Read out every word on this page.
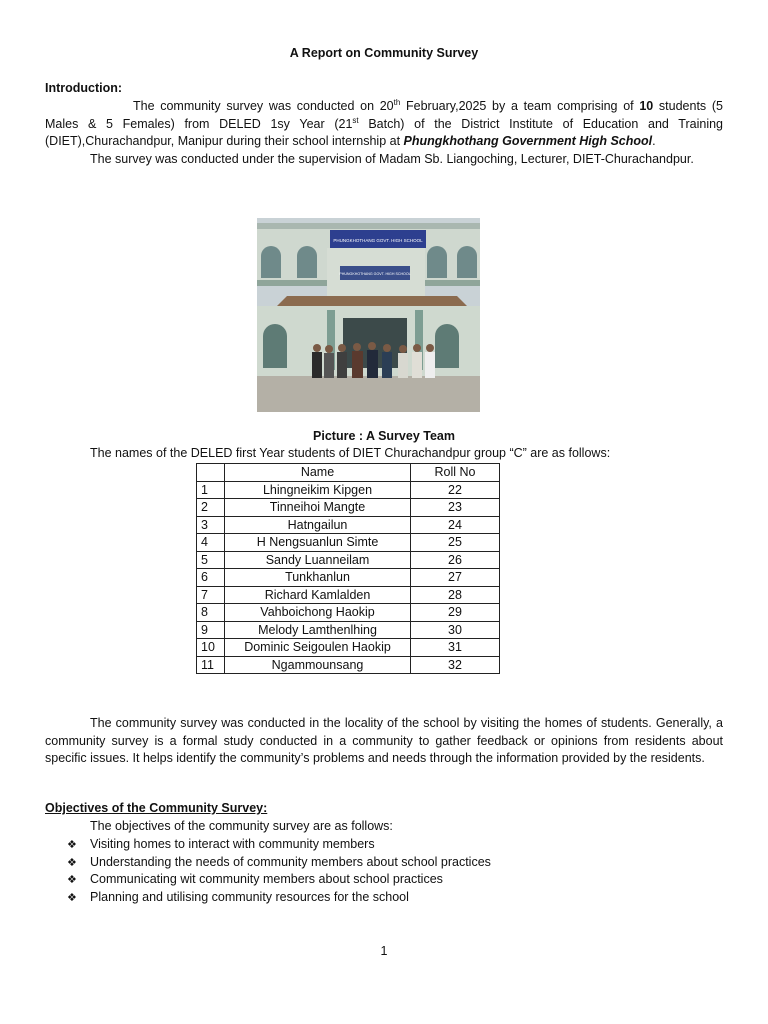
A Report on Community Survey
Introduction:
The community survey was conducted on 20th February,2025 by a team comprising of 10 students (5 Males & 5 Females) from DELED 1sy Year (21st Batch) of the District Institute of Education and Training (DIET),Churachandpur, Manipur during their school internship at Phungkhothang Government High School.
The survey was conducted under the supervision of Madam Sb. Liangoching, Lecturer, DIET-Churachandpur.
PHUNGKHOTHANG GOVT. HIGH SCHOOL
PHUNGKHOTHANG GOVT. HIGH SCHOOL
Picture : A Survey Team
The names of the DELED first Year students of DIET Churachandpur group “C” are as follows:
	Name	Roll No
1	Lhingneikim Kipgen	22
2	Tinneihoi Mangte	23
3	Hatngailun	24
4	H Nengsuanlun Simte	25
5	Sandy Luanneilam	26
6	Tunkhanlun	27
7	Richard Kamlalden	28
8	Vahboichong Haokip	29
9	Melody Lamthenlhing	30
10	Dominic Seigoulen Haokip	31
11	Ngammounsang	32
The community survey was conducted in the locality of the school by visiting the homes of students. Generally, a community survey is a formal study conducted in a community to gather feedback or opinions from residents about specific issues. It helps identify the community’s problems and needs through the information provided by the residents.
Objectives of the Community Survey:
The objectives of the community survey are as follows:
❖ Visiting homes to interact with community members
❖ Understanding the needs of community members about school practices
❖ Communicating wit community members about school practices
❖ Planning and utilising community resources for the school
1
